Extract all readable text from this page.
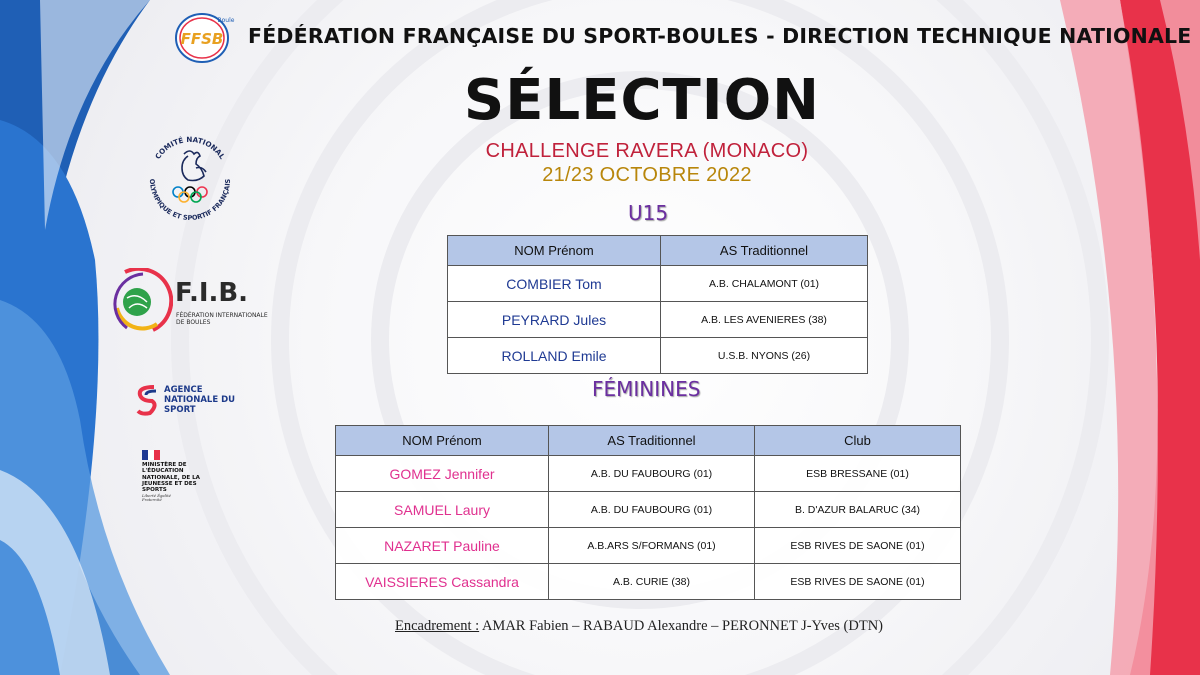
FFSB
Boule
FÉDÉRATION FRANÇAISE DU SPORT-BOULES - DIRECTION TECHNIQUE NATIONALE
SÉLECTION
CHALLENGE RAVERA (MONACO)
21/23 OCTOBRE 2022
U15
NOM Prénom	AS Traditionnel
COMBIER Tom	A.B. CHALAMONT (01)
PEYRARD Jules	A.B. LES AVENIERES (38)
ROLLAND Emile	U.S.B. NYONS (26)
FÉMININES
NOM Prénom	AS Traditionnel	Club
GOMEZ Jennifer	A.B. DU FAUBOURG (01)	ESB BRESSANE (01)
SAMUEL Laury	A.B. DU FAUBOURG (01)	B. D'AZUR BALARUC (34)
NAZARET Pauline	A.B.ARS S/FORMANS (01)	ESB RIVES DE SAONE (01)
VAISSIERES Cassandra	A.B. CURIE (38)	ESB RIVES DE SAONE (01)
Encadrement : AMAR Fabien – RABAUD Alexandre – PERONNET J-Yves (DTN)
COMITÉ NATIONAL
OLYMPIQUE ET SPORTIF FRANÇAIS
F.I.B.
FÉDÉRATION INTERNATIONALE DE BOULES
AGENCE NATIONALE DU SPORT
MINISTÈRE DE L'ÉDUCATION NATIONALE, DE LA JEUNESSE ET DES SPORTS
Liberté Égalité Fraternité
